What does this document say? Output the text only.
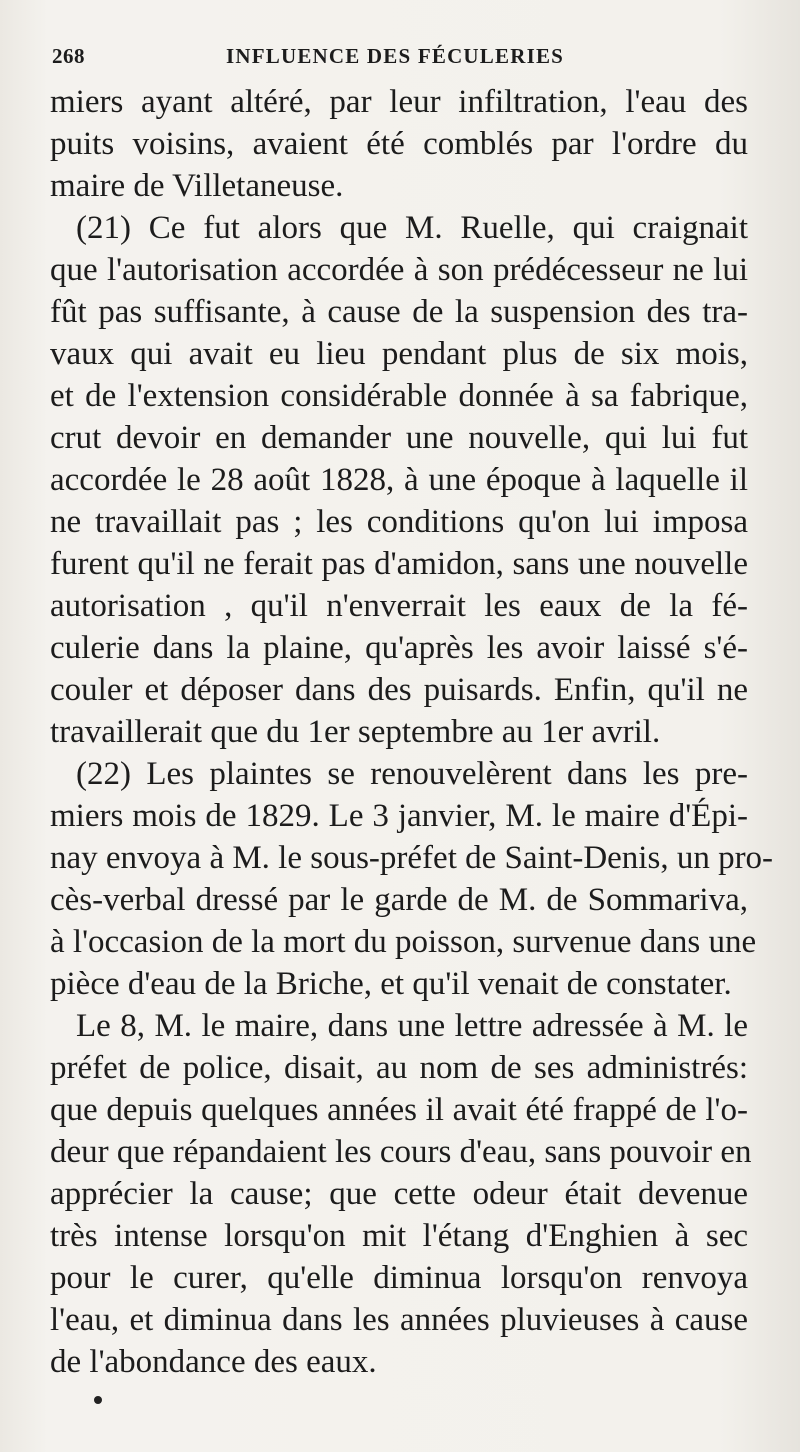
268	INFLUENCE DES FÉCULERIES
miers ayant altéré, par leur infiltration, l'eau des
puits voisins, avaient été comblés par l'ordre du
maire de Villetaneuse.
(21) Ce fut alors que M. Ruelle, qui craignait
que l'autorisation accordée à son prédécesseur ne lui
fût pas suffisante, à cause de la suspension des tra-
vaux qui avait eu lieu pendant plus de six mois,
et de l'extension considérable donnée à sa fabrique,
crut devoir en demander une nouvelle, qui lui fut
accordée le 28 août 1828, à une époque à laquelle il
ne travaillait pas ; les conditions qu'on lui imposa
furent qu'il ne ferait pas d'amidon, sans une nouvelle
autorisation , qu'il n'enverrait les eaux de la fé-
culerie dans la plaine, qu'après les avoir laissé s'é-
couler et déposer dans des puisards. Enfin, qu'il ne
travaillerait que du 1er septembre au 1er avril.
(22) Les plaintes se renouvelèrent dans les pre-
miers mois de 1829. Le 3 janvier, M. le maire d'Épi-
nay envoya à M. le sous-préfet de Saint-Denis, un pro-
cès-verbal dressé par le garde de M. de Sommariva,
à l'occasion de la mort du poisson, survenue dans une
pièce d'eau de la Briche, et qu'il venait de constater.
Le 8, M. le maire, dans une lettre adressée à M. le
préfet de police, disait, au nom de ses administrés:
que depuis quelques années il avait été frappé de l'o-
deur que répandaient les cours d'eau, sans pouvoir en
apprécier la cause; que cette odeur était devenue
très intense lorsqu'on mit l'étang d'Enghien à sec
pour le curer, qu'elle diminua lorsqu'on renvoya
l'eau, et diminua dans les années pluvieuses à cause
de l'abondance des eaux.
